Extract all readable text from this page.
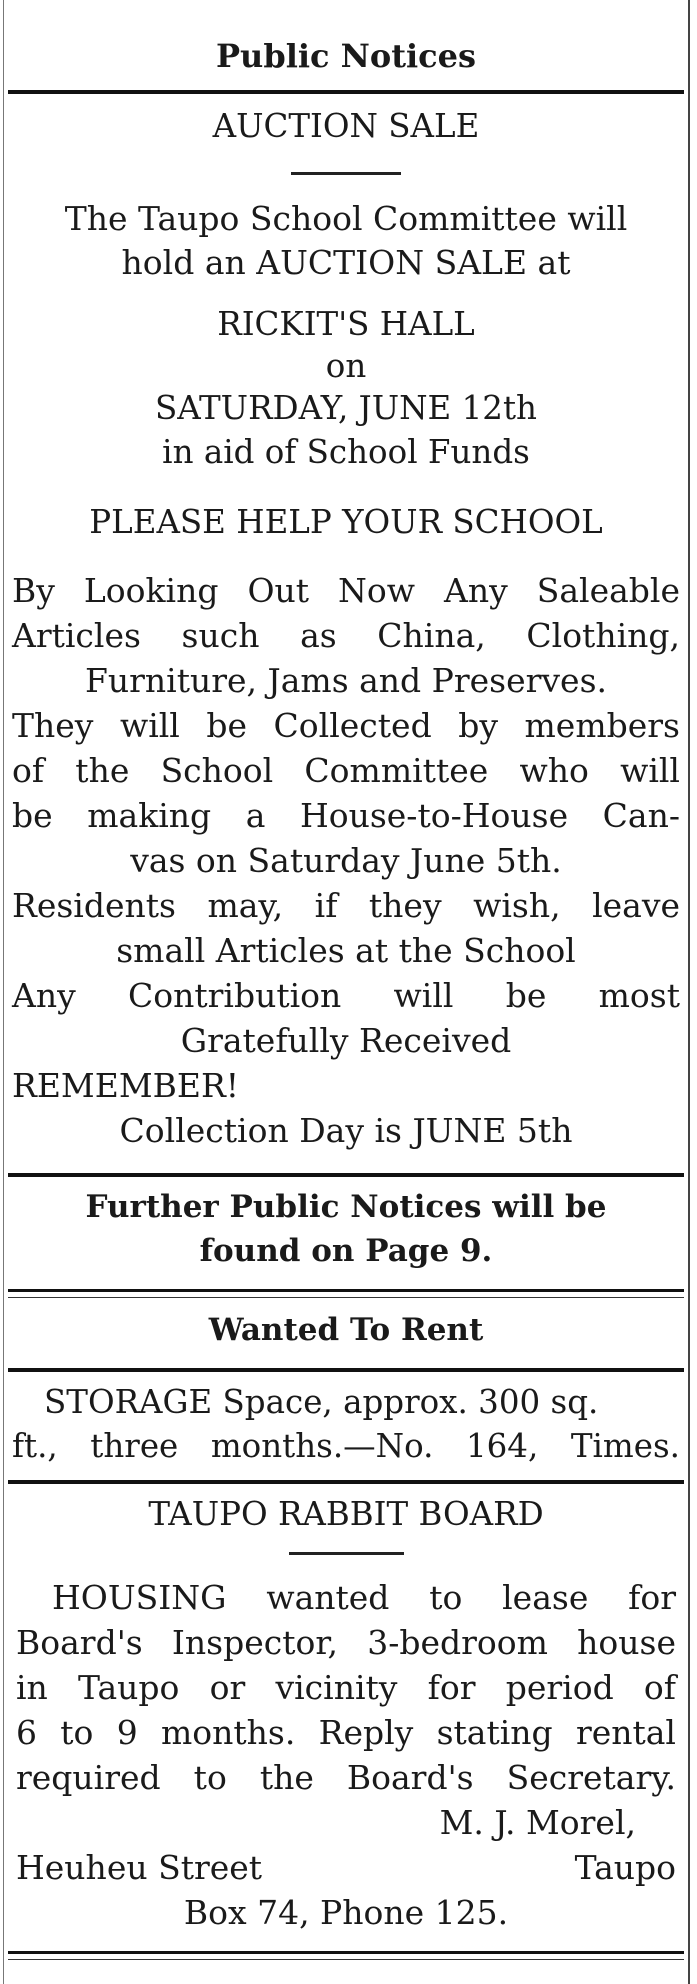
Public Notices
AUCTION SALE
The Taupo School Committee will
hold an AUCTION SALE at
RICKIT'S HALL
on
SATURDAY, JUNE 12th
in aid of School Funds
PLEASE HELP YOUR SCHOOL
By Looking Out Now Any Saleable
Articles such as China, Clothing,
Furniture, Jams and Preserves.
They will be Collected by members
of the School Committee who will
be making a House-to-House Can-
vas on Saturday June 5th.
Residents may, if they wish, leave
small Articles at the School
Any Contribution will be most
Gratefully Received
REMEMBER!
Collection Day is JUNE 5th
Further Public Notices will be
found on Page 9.
Wanted To Rent
STORAGE Space, approx. 300 sq.
ft., three months.—No. 164, Times.
TAUPO RABBIT BOARD
HOUSING wanted to lease for
Board's Inspector, 3-bedroom house
in Taupo or vicinity for period of
6 to 9 months. Reply stating rental
required to the Board's Secretary.
M. J. Morel,
Heuheu Street	Taupo
Box 74, Phone 125.
